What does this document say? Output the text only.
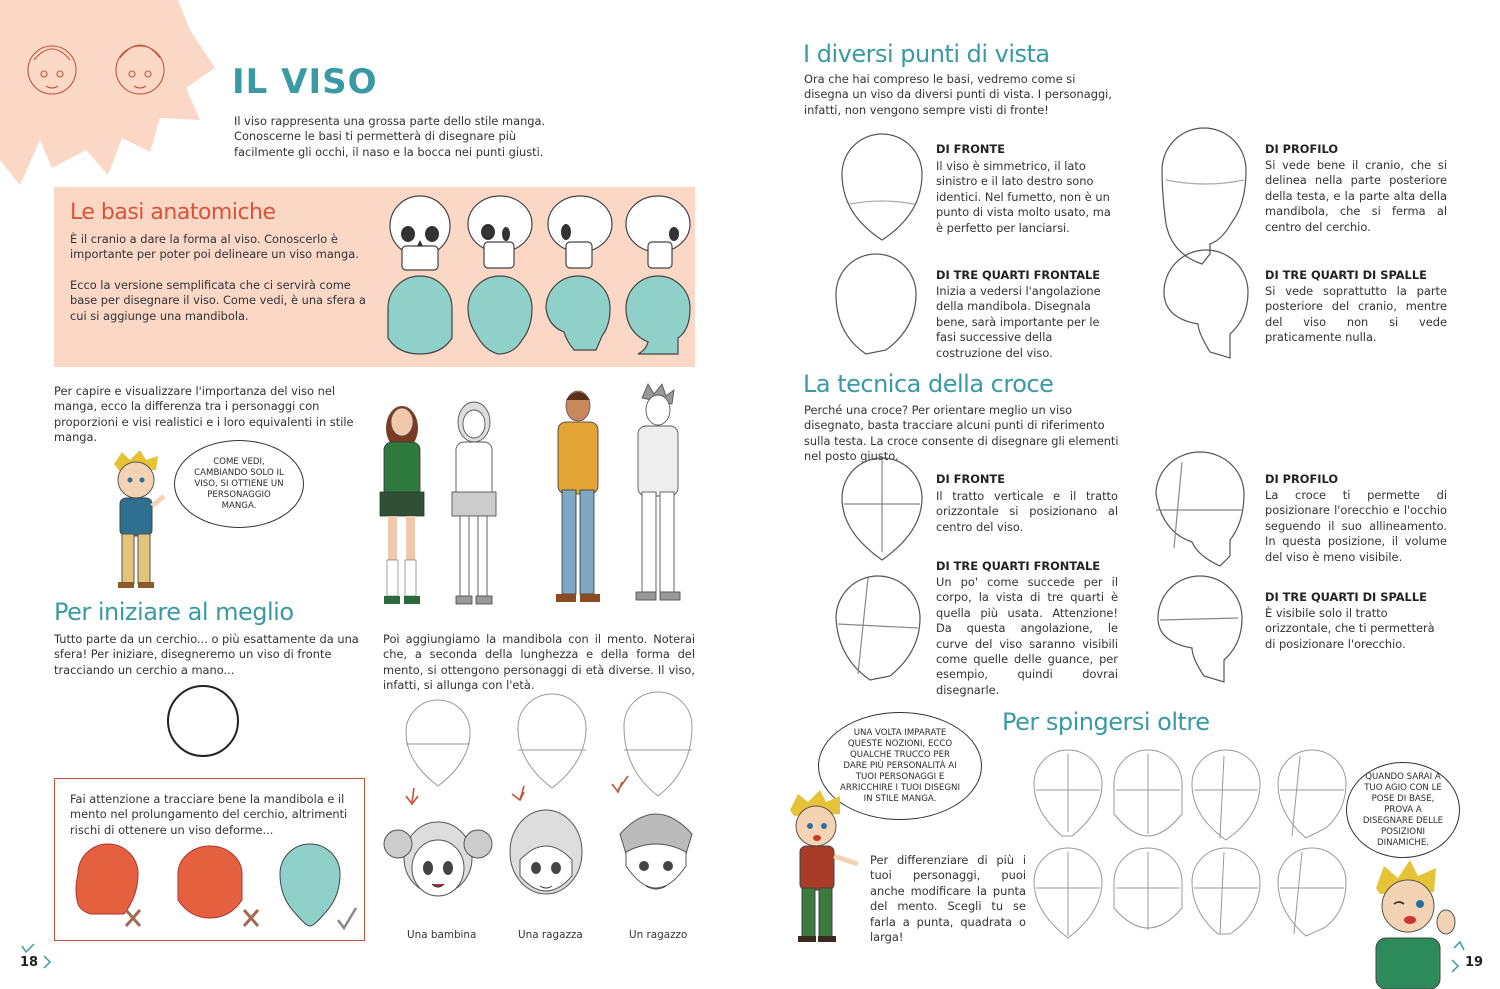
IL VISO
Il viso rappresenta una grossa parte dello stile manga. Conoscerne le basi ti permetterà di disegnare più facilmente gli occhi, il naso e la bocca nei punti giusti.
Le basi anatomiche
È il cranio a dare la forma al viso. Conoscerlo è importante per poter poi delineare un viso manga.
Ecco la versione semplificata che ci servirà come base per disegnare il viso. Come vedi, è una sfera a cui si aggiunge una mandibola.
Per capire e visualizzare l'importanza del viso nel manga, ecco la differenza tra i personaggi con proporzioni e visi realistici e i loro equivalenti in stile manga.
COME VEDI, CAMBIANDO SOLO IL VISO, SI OTTIENE UN PERSONAGGIO MANGA.
Per iniziare al meglio
Tutto parte da un cerchio... o più esattamente da una sfera! Per iniziare, disegneremo un viso di fronte tracciando un cerchio a mano...
Poi aggiungiamo la mandibola con il mento. Noterai che, a seconda della lunghezza e della forma del mento, si ottengono personaggi di età diverse. Il viso, infatti, si allunga con l'età.
Fai attenzione a tracciare bene la mandibola e il mento nel prolungamento del cerchio, altrimenti rischi di ottenere un viso deforme...
Una bambina	Una ragazza	Un ragazzo
18
I diversi punti di vista
Ora che hai compreso le basi, vedremo come si disegna un viso da diversi punti di vista. I personaggi, infatti, non vengono sempre visti di fronte!
DI FRONTE
Il viso è simmetrico, il lato sinistro e il lato destro sono identici. Nel fumetto, non è un punto di vista molto usato, ma è perfetto per lanciarsi.
DI PROFILO
Si vede bene il cranio, che si delinea nella parte posteriore della testa, e la parte alta della mandibola, che si ferma al centro del cerchio.
DI TRE QUARTI FRONTALE
Inizia a vedersi l'angolazione della mandibola. Disegnala bene, sarà importante per le fasi successive della costruzione del viso.
DI TRE QUARTI DI SPALLE
Si vede soprattutto la parte posteriore del cranio, mentre del viso non si vede praticamente nulla.
La tecnica della croce
Perché una croce? Per orientare meglio un viso disegnato, basta tracciare alcuni punti di riferimento sulla testa. La croce consente di disegnare gli elementi nel posto giusto.
DI FRONTE
Il tratto verticale e il tratto orizzontale si posizionano al centro del viso.
DI PROFILO
La croce ti permette di posizionare l'orecchio e l'occhio seguendo il suo allineamento. In questa posizione, il volume del viso è meno visibile.
DI TRE QUARTI FRONTALE
Un po' come succede per il corpo, la vista di tre quarti è quella più usata. Attenzione! Da questa angolazione, le curve del viso saranno visibili come quelle delle guance, per esempio, quindi dovrai disegnarle.
DI TRE QUARTI DI SPALLE
È visibile solo il tratto orizzontale, che ti permetterà di posizionare l'orecchio.
Per spingersi oltre
UNA VOLTA IMPARATE QUESTE NOZIONI, ECCO QUALCHE TRUCCO PER DARE PIÙ PERSONALITÀ AI TUOI PERSONAGGI E ARRICCHIRE I TUOI DISEGNI IN STILE MANGA.
Per differenziare di più i tuoi personaggi, puoi anche modificare la punta del mento. Scegli tu se farla a punta, quadrata o larga!
QUANDO SARAI A TUO AGIO CON LE POSE DI BASE, PROVA A DISEGNARE DELLE POSIZIONI DINAMICHE.
19
